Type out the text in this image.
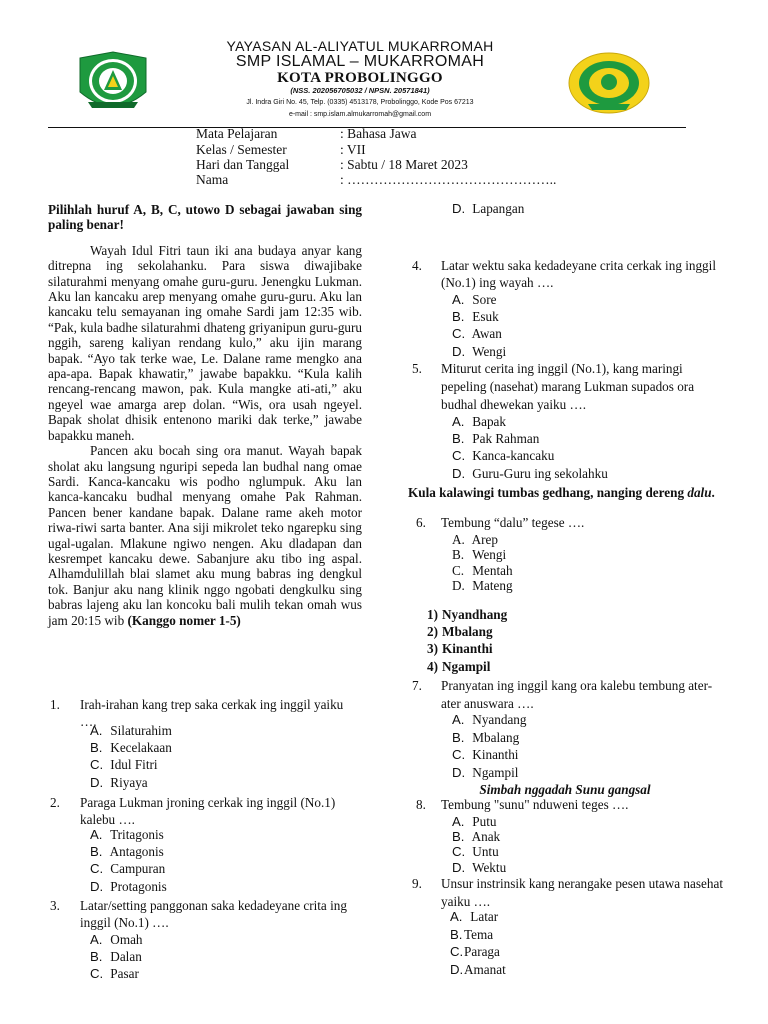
YAYASAN AL-ALIYATUL MUKARROMAH
SMP ISLAMAL – MUKARROMAH
KOTA PROBOLINGGO
(NSS. 202056705032 / NPSN. 20571841)
Jl. Indra Giri No. 45, Telp. (0335) 4513178, Probolinggo, Kode Pos 67213
e-mail : smp.islam.almukarromah@gmail.com
Mata Pelajaran	: Bahasa Jawa
Kelas / Semester	: VII
Hari dan Tanggal	: Sabtu / 18 Maret 2023
Nama	: ………………………………………..

Pilihlah huruf A, B, C, utowo D sebagai jawaban sing paling benar!

Wayah Idul Fitri taun iki ana budaya anyar kang ditrepna ing sekolahanku. Para siswa diwajibake silaturahmi menyang omahe guru-guru. Jenengku Lukman. Aku lan kancaku arep menyang omahe guru-guru. Aku lan kancaku telu semayanan ing omahe Sardi jam 12:35 wib. “Pak, kula badhe silaturahmi dhateng griyanipun guru-guru nggih, sareng kaliyan rendang kulo,” aku ijin marang bapak. “Ayo tak terke wae, Le. Dalane rame mengko ana apa-apa. Bapak khawatir,” jawabe bapakku. “Kula kalih rencang-rencang mawon, pak. Kula mangke ati-ati,” aku ngeyel wae amarga arep dolan. “Wis, ora usah ngeyel. Bapak sholat dhisik entenono mariki dak terke,” jawabe bapakku maneh.

Pancen aku bocah sing ora manut. Wayah bapak sholat aku langsung nguripi sepeda lan budhal nang omae Sardi. Kanca-kancaku wis podho nglumpuk. Aku lan kanca-kancaku budhal menyang omahe Pak Rahman. Pancen bener kandane bapak. Dalane rame akeh motor riwa-riwi sarta banter. Ana siji mikrolet teko ngarepku sing ugal-ugalan. Mlakune ngiwo nengen. Aku dladapan dan kesrempet kancaku dewe. Sabanjure aku tibo ing aspal. Alhamdulillah blai slamet aku mung babras ing dengkul tok. Banjur aku nang klinik nggo ngobati dengkulku sing babras lajeng aku lan koncoku bali mulih tekan omah wus jam 20:15 wib (Kanggo nomer 1-5)

1.	Irah-irahan kang trep saka cerkak ing inggil yaiku ….
A. Silaturahim
B. Kecelakaan
C. Idul Fitri
D. Riyaya
2.	Paraga Lukman jroning cerkak ing inggil (No.1) kalebu ….
A. Tritagonis
B. Antagonis
C. Campuran
D. Protagonis
3.	Latar/setting panggonan saka kedadeyane crita ing inggil (No.1) ….
A. Omah
B. Dalan
C. Pasar
D. Lapangan
4.	Latar wektu saka kedadeyane crita cerkak ing inggil (No.1) ing wayah ….
A. Sore
B. Esuk
C. Awan
D. Wengi
5.	Miturut cerita ing inggil (No.1), kang maringi pepeling (nasehat) marang Lukman supados ora budhal dhewekan yaiku ….
A. Bapak
B. Pak Rahman
C. Kanca-kancaku
D. Guru-Guru ing sekolahku
Kula kalawingi tumbas gedhang, nanging dereng dalu.
6.	Tembung “dalu” tegese ….
A. Arep
B. Wengi
C. Mentah
D. Mateng
1) Nyandhang
2) Mbalang
3) Kinanthi
4) Ngampil
7.	Pranyatan ing inggil kang ora kalebu tembung ater-ater anuswara ….
A. Nyandang
B. Mbalang
C. Kinanthi
D. Ngampil
Simbah nggadah Sunu gangsal
8.	Tembung "sunu" nduweni teges ….
A. Putu
B. Anak
C. Untu
D. Wektu
9.	Unsur instrinsik kang nerangake pesen utawa nasehat yaiku ….
A. Latar
B. Tema
C.Paraga
D.Amanat
